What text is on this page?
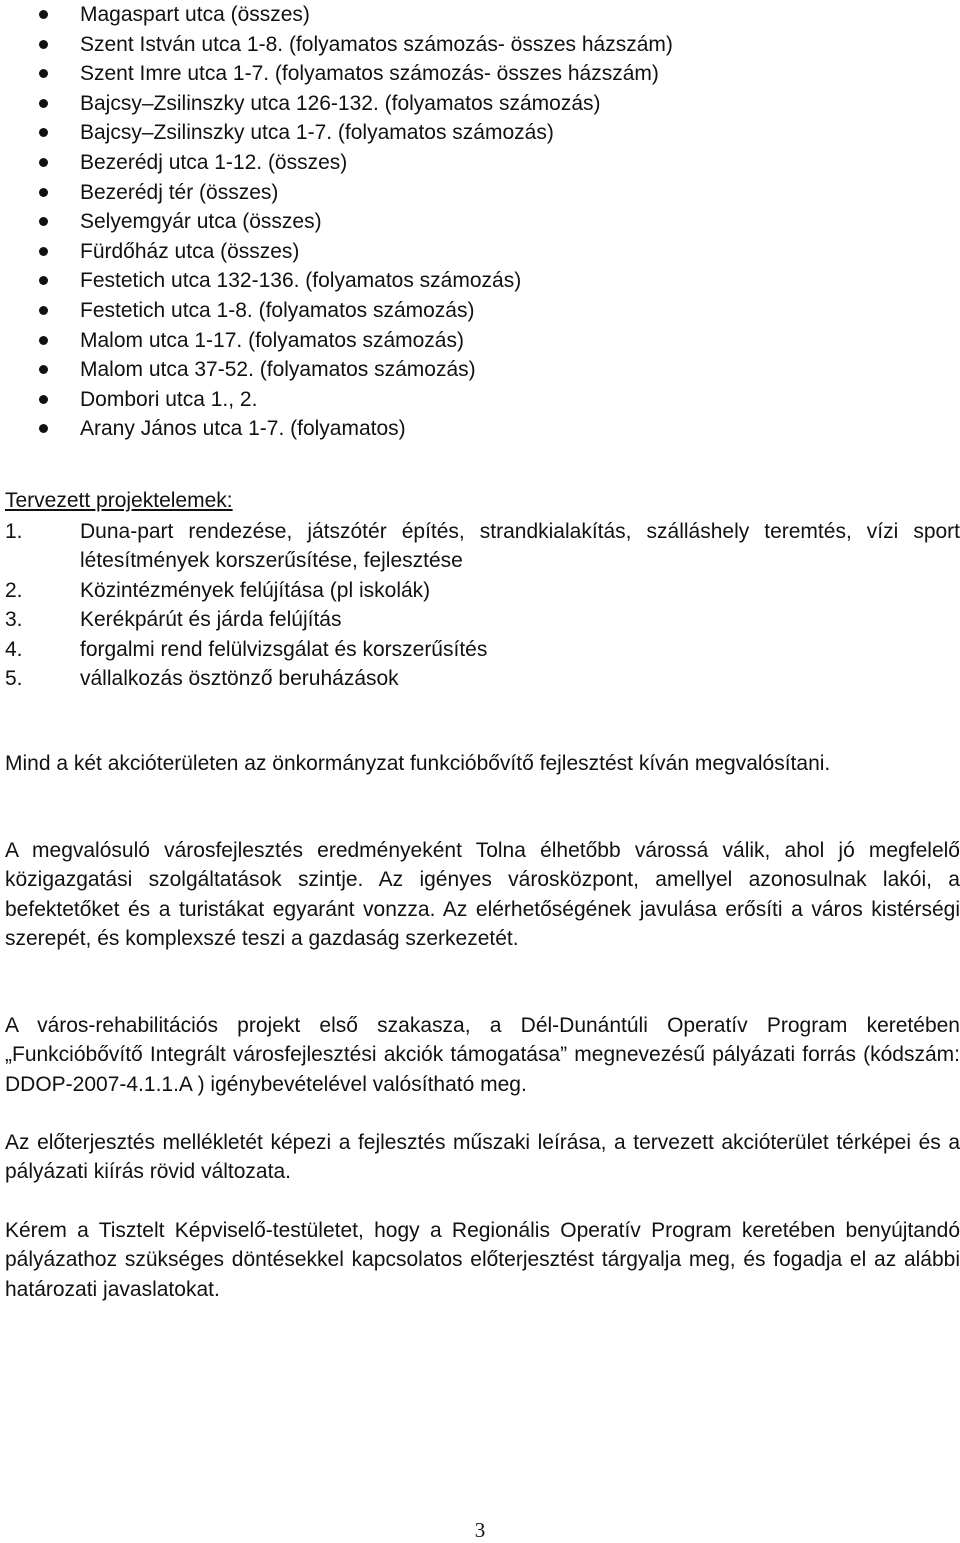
Magaspart utca (összes)
Szent István utca 1-8. (folyamatos számozás- összes házszám)
Szent Imre utca 1-7. (folyamatos számozás- összes házszám)
Bajcsy–Zsilinszky utca 126-132. (folyamatos számozás)
Bajcsy–Zsilinszky utca 1-7. (folyamatos számozás)
Bezerédj utca 1-12. (összes)
Bezerédj tér (összes)
Selyemgyár utca (összes)
Fürdőház utca (összes)
Festetich utca 132-136. (folyamatos számozás)
Festetich utca 1-8. (folyamatos számozás)
Malom utca 1-17. (folyamatos számozás)
Malom utca 37-52. (folyamatos számozás)
Dombori utca 1., 2.
Arany János utca 1-7. (folyamatos)
Tervezett projektelemek:
1.	Duna-part rendezése, játszótér építés, strandkialakítás, szálláshely teremtés, vízi sport létesítmények korszerűsítése, fejlesztése
2.	Közintézmények felújítása (pl iskolák)
3.	Kerékpárút és járda felújítás
4.	forgalmi rend felülvizsgálat és korszerűsítés
5.	vállalkozás ösztönző beruházások

Mind a két akcióterületen az önkormányzat funkcióbővítő fejlesztést kíván megvalósítani.

A megvalósuló városfejlesztés eredményeként Tolna élhetőbb várossá válik, ahol jó megfelelő közigazgatási szolgáltatások szintje. Az igényes városközpont, amellyel azonosulnak lakói, a befektetőket és a turistákat egyaránt vonzza. Az elérhetőségének javulása erősíti a város kistérségi szerepét, és komplexszé teszi a gazdaság szerkezetét.

A város-rehabilitációs projekt első szakasza, a Dél-Dunántúli Operatív Program keretében „Funkcióbővítő Integrált városfejlesztési akciók támogatása” megnevezésű pályázati forrás (kódszám: DDOP-2007-4.1.1.A ) igénybevételével valósítható meg.

Az előterjesztés mellékletét képezi a fejlesztés műszaki leírása, a tervezett akcióterület térképei és a pályázati kiírás rövid változata.

Kérem a Tisztelt Képviselő-testületet, hogy a Regionális Operatív Program keretében benyújtandó pályázathoz szükséges döntésekkel kapcsolatos előterjesztést tárgyalja meg, és fogadja el az alábbi határozati javaslatokat.

3
